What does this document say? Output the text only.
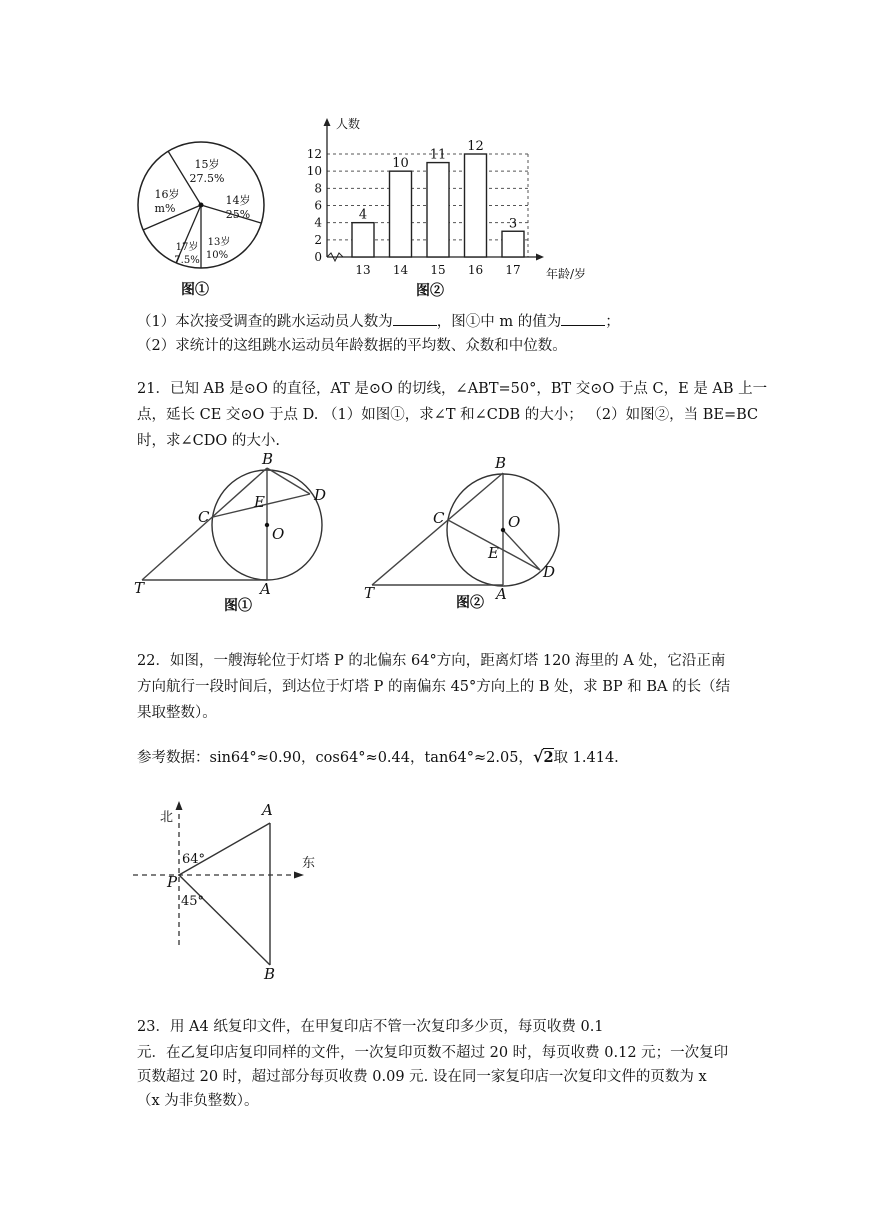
15岁
27.5%
14岁
25%
13岁
10%
17岁
7.5%
16岁
m%
图①
人数
年龄/岁
0
2
4
6
8
10
12
4
13
10
14
11
15
12
16
3
17
图②
（1）本次接受调查的跳水运动员人数为	，图①中 m 的值为	；
（2）求统计的这组跳水运动员年龄数据的平均数、众数和中位数。
21．已知 AB 是⊙O 的直径，AT 是⊙O 的切线，∠ABT=50°，BT 交⊙O 于点 C，E 是 AB 上一
点，延长 CE 交⊙O 于点 D. （1）如图①，求∠T 和∠CDB 的大小； （2）如图②，当 BE=BC
时，求∠CDO 的大小.
B
D
E
C
O
T	A
图①
B
C	O
E
D
T	A
图②
22．如图，一艘海轮位于灯塔 P 的北偏东 64°方向，距离灯塔 120 海里的 A 处，它沿正南
方向航行一段时间后，到达位于灯塔 P 的南偏东 45°方向上的 B 处，求 BP 和 BA 的长（结
果取整数）。
参考数据：sin64°≈0.90，cos64°≈0.44，tan64°≈2.05，√2取 1.414.
北
东
64°
45°
P
A
B
23．用 A4 纸复印文件，在甲复印店不管一次复印多少页，每页收费 0.1
元．在乙复印店复印同样的文件，一次复印页数不超过 20 时，每页收费 0.12 元；一次复印
页数超过 20 时，超过部分每页收费 0.09 元. 设在同一家复印店一次复印文件的页数为 x
（x 为非负整数）。
